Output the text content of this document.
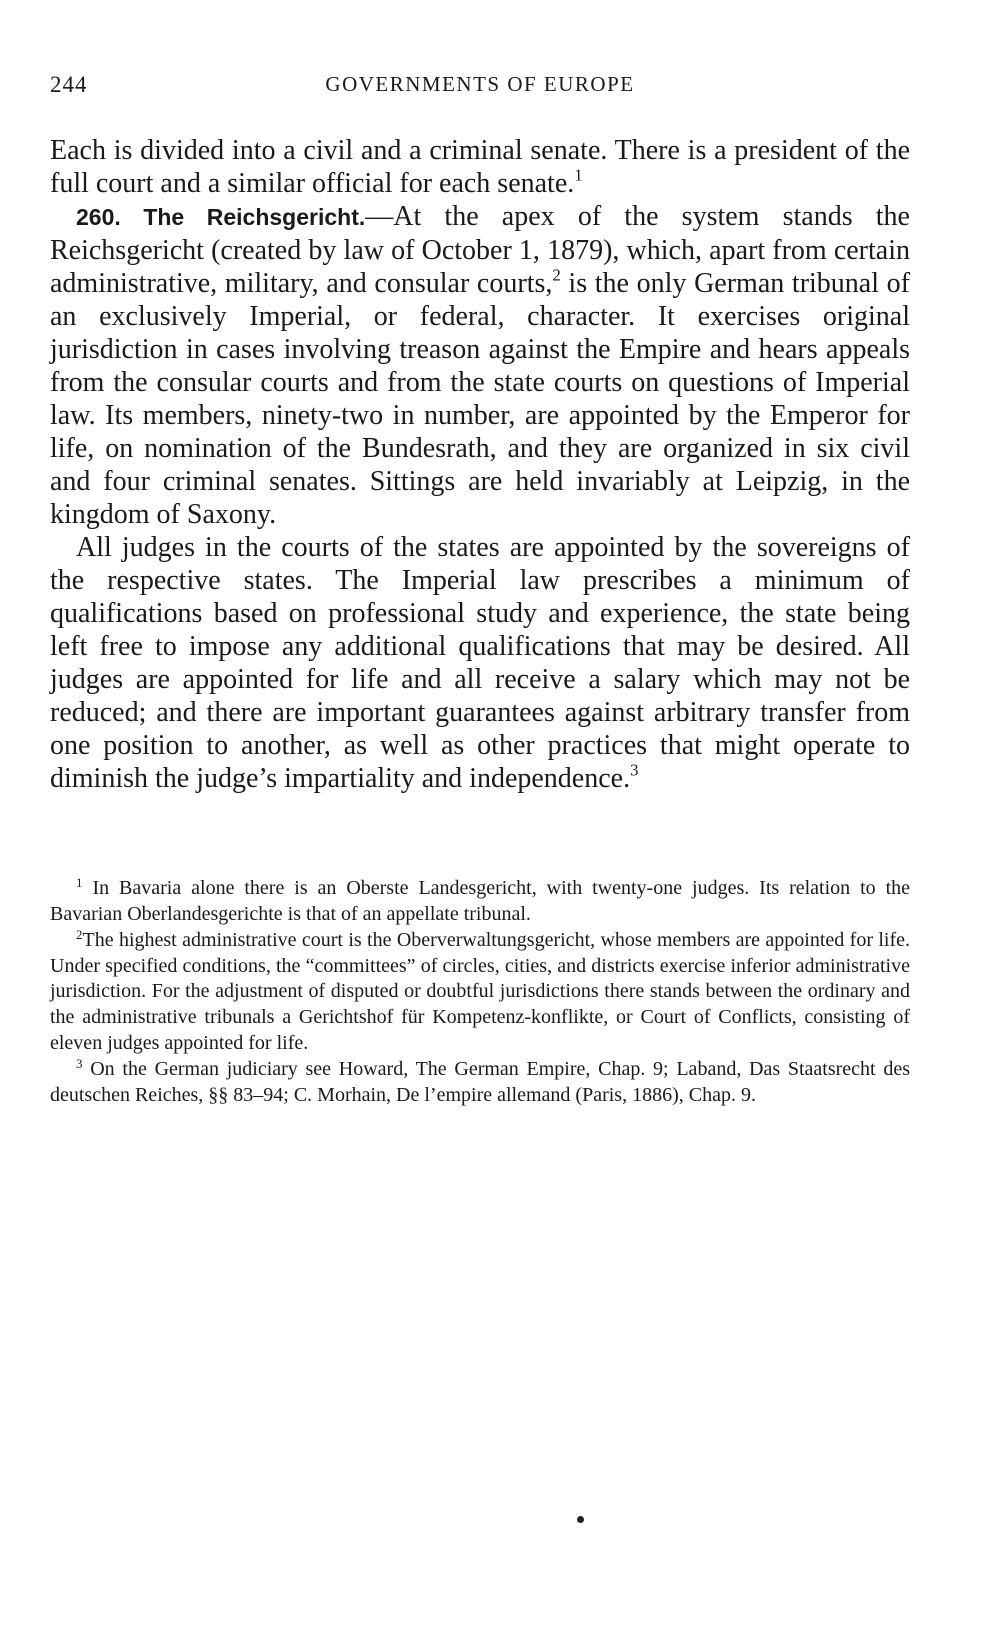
244	GOVERNMENTS OF EUROPE

Each is divided into a civil and a criminal senate. There is a president of the full court and a similar official for each senate.$^1$

260. The Reichsgericht.—At the apex of the system stands the Reichsgericht (created by law of October 1, 1879), which, apart from certain administrative, military, and consular courts,$^2$ is the only German tribunal of an exclusively Imperial, or federal, character. It exercises original jurisdiction in cases involving treason against the Empire and hears appeals from the consular courts and from the state courts on questions of Imperial law. Its members, ninety-two in number, are appointed by the Emperor for life, on nomination of the Bundesrath, and they are organized in six civil and four criminal senates. Sittings are held invariably at Leipzig, in the kingdom of Saxony.

All judges in the courts of the states are appointed by the sovereigns of the respective states. The Imperial law prescribes a minimum of qualifications based on professional study and experience, the state being left free to impose any additional qualifications that may be desired. All judges are appointed for life and all receive a salary which may not be reduced; and there are important guarantees against arbitrary transfer from one position to another, as well as other practices that might operate to diminish the judge’s impartiality and independence.$^3$

$^1$ In Bavaria alone there is an Oberste Landesgericht, with twenty-one judges. Its relation to the Bavarian Oberlandesgerichte is that of an appellate tribunal.

$^2$The highest administrative court is the Oberverwaltungsgericht, whose members are appointed for life. Under specified conditions, the “committees” of circles, cities, and districts exercise inferior administrative jurisdiction. For the adjustment of disputed or doubtful jurisdictions there stands between the ordinary and the administrative tribunals a Gerichtshof für Kompetenz-konflikte, or Court of Conflicts, consisting of eleven judges appointed for life.

$^3$ On the German judiciary see Howard, The German Empire, Chap. 9; Laband, Das Staatsrecht des deutschen Reiches, §§ 83–94; C. Morhain, De l’empire allemand (Paris, 1886), Chap. 9.
